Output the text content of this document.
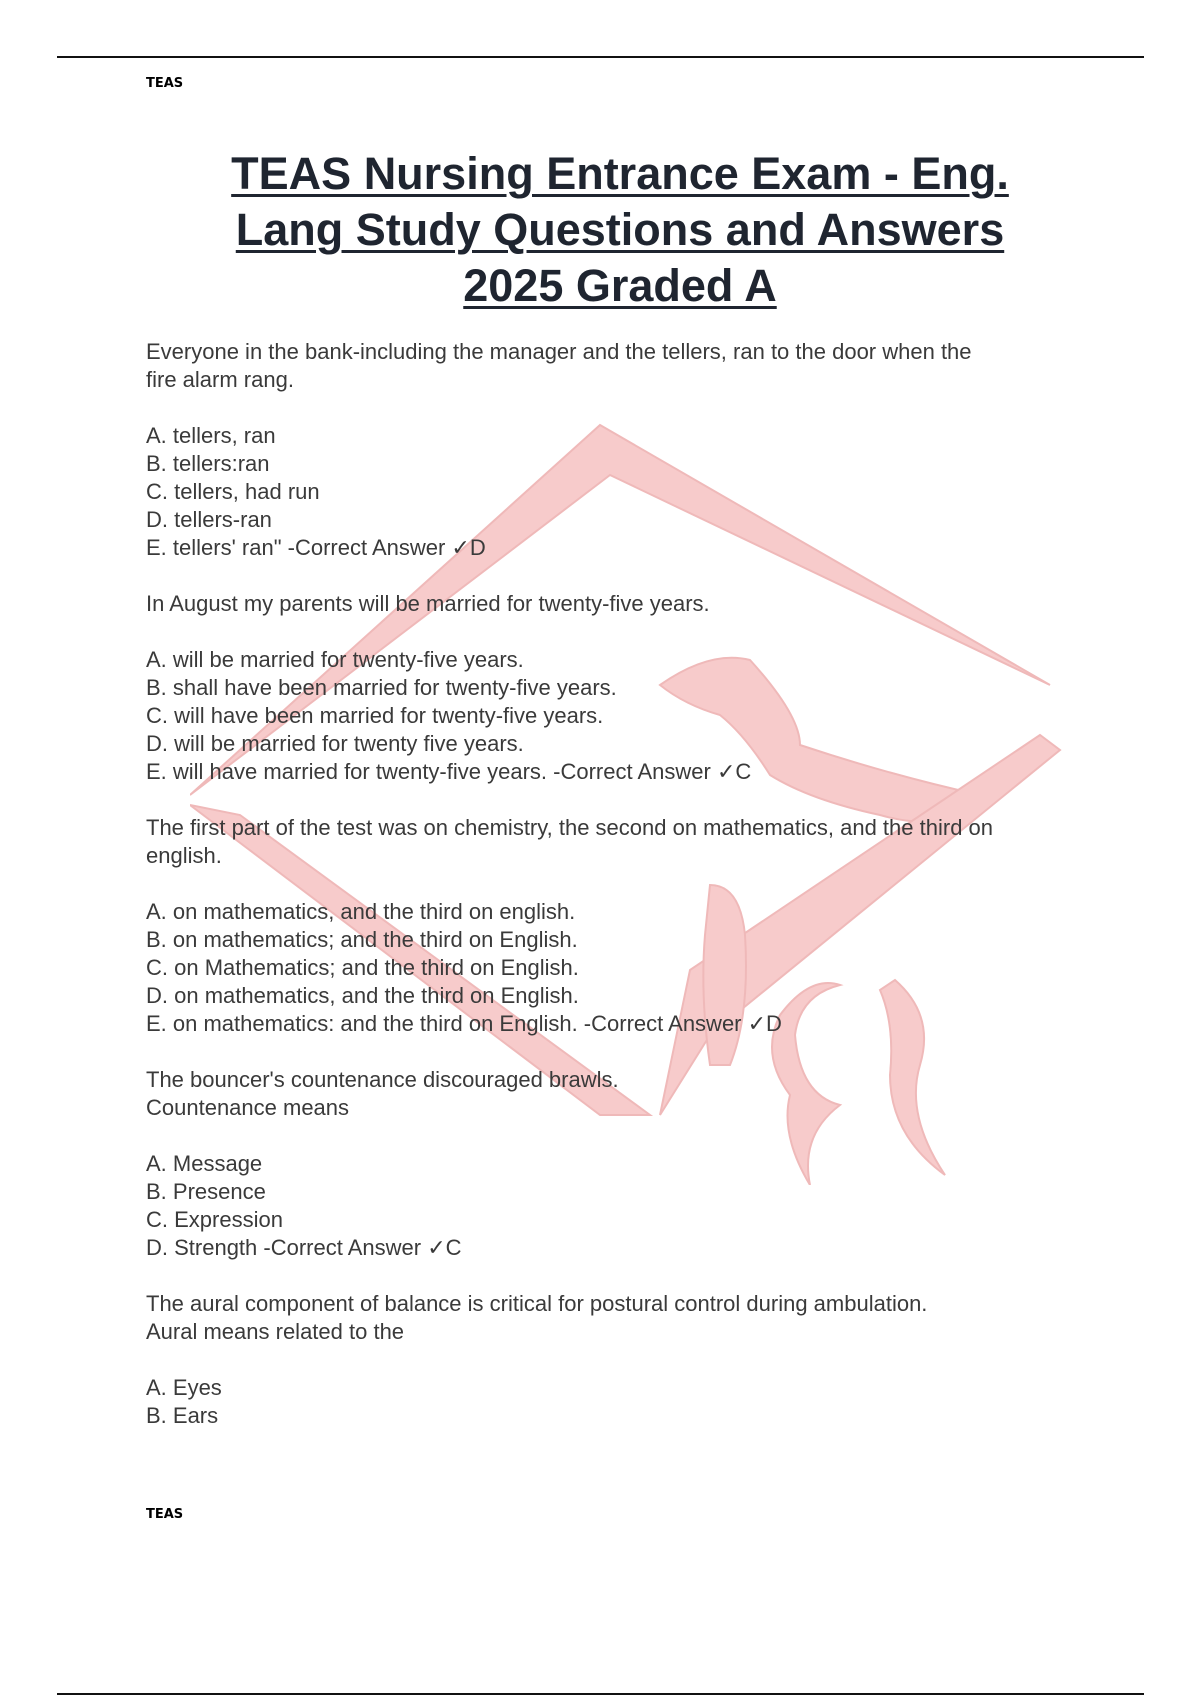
TEAS
TEAS Nursing Entrance Exam - Eng.
Lang Study Questions and Answers
2025 Graded A

Everyone in the bank-including the manager and the tellers, ran to the door when the
fire alarm rang.

A. tellers, ran
B. tellers:ran
C. tellers, had run
D. tellers-ran
E. tellers' ran" -Correct Answer ✓D

In August my parents will be married for twenty-five years.

A. will be married for twenty-five years.
B. shall have been married for twenty-five years.
C. will have been married for twenty-five years.
D. will be married for twenty five years.
E. will have married for twenty-five years. -Correct Answer ✓C

The first part of the test was on chemistry, the second on mathematics, and the third on
english.

A. on mathematics, and the third on english.
B. on mathematics; and the third on English.
C. on Mathematics; and the third on English.
D. on mathematics, and the third on English.
E. on mathematics: and the third on English. -Correct Answer ✓D

The bouncer's countenance discouraged brawls.
Countenance means

A. Message
B. Presence
C. Expression
D. Strength -Correct Answer ✓C

The aural component of balance is critical for postural control during ambulation.
Aural means related to the

A. Eyes
B. Ears
TEAS
